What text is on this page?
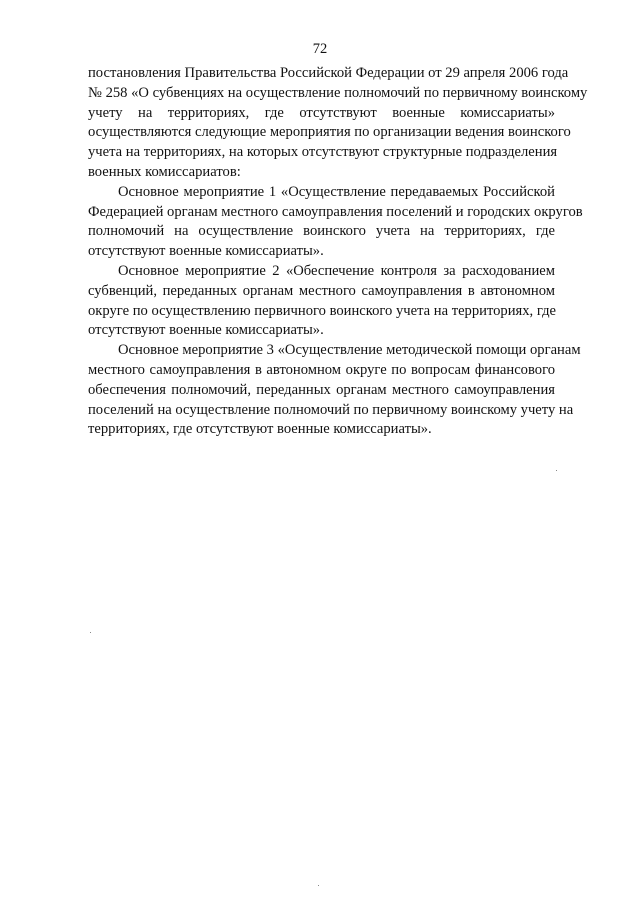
72
постановления Правительства Российской Федерации от 29 апреля 2006 года
№ 258 «О субвенциях на осуществление полномочий по первичному воинскому
учету на территориях, где отсутствуют военные комиссариаты»
осуществляются следующие мероприятия по организации ведения воинского
учета на территориях, на которых отсутствуют структурные подразделения
военных комиссариатов:
Основное мероприятие 1 «Осуществление передаваемых Российской
Федерацией органам местного самоуправления поселений и городских округов
полномочий на осуществление воинского учета на территориях, где
отсутствуют военные комиссариаты».
Основное мероприятие 2 «Обеспечение контроля за расходованием
субвенций, переданных органам местного самоуправления в автономном
округе по осуществлению первичного воинского учета на территориях, где
отсутствуют военные комиссариаты».
Основное мероприятие 3 «Осуществление методической помощи органам
местного самоуправления в автономном округе по вопросам финансового
обеспечения полномочий, переданных органам местного самоуправления
поселений на осуществление полномочий по первичному воинскому учету на
территориях, где отсутствуют военные комиссариаты».
